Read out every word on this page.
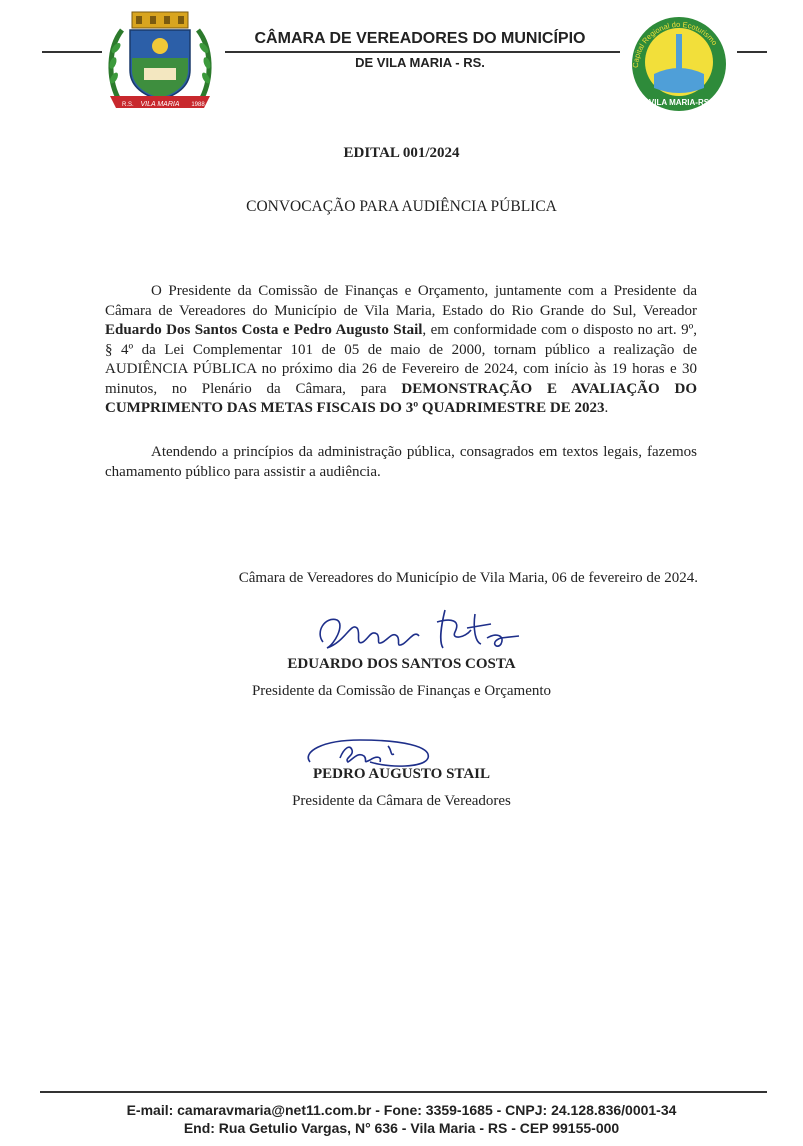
R.S. VILA MARIA 1988
CÂMARA DE VEREADORES DO MUNICÍPIO
DE VILA MARIA - RS.	Capital Regional do Ecoturismo
VILA MARIA-RS
EDITAL 001/2024
CONVOCAÇÃO PARA AUDIÊNCIA PÚBLICA
O Presidente da Comissão de Finanças e Orçamento, juntamente com a Presidente da Câmara de Vereadores do Município de Vila Maria, Estado do Rio Grande do Sul, Vereador Eduardo Dos Santos Costa e Pedro Augusto Stail, em conformidade com o disposto no art. 9º, § 4º da Lei Complementar 101 de 05 de maio de 2000, tornam público a realização de AUDIÊNCIA PÚBLICA no próximo dia 26 de Fevereiro de 2024, com início às 19 horas e 30 minutos, no Plenário da Câmara, para DEMONSTRAÇÃO E AVALIAÇÃO DO CUMPRIMENTO DAS METAS FISCAIS DO 3º QUADRIMESTRE DE 2023.
Atendendo a princípios da administração pública, consagrados em textos legais, fazemos chamamento público para assistir a audiência.
Câmara de Vereadores do Município de Vila Maria, 06 de fevereiro de 2024.
EDUARDO DOS SANTOS COSTA
Presidente da Comissão de Finanças e Orçamento
PEDRO AUGUSTO STAIL
Presidente da Câmara de Vereadores
E-mail: camaravmaria@net11.com.br - Fone: 3359-1685 - CNPJ: 24.128.836/0001-34
End: Rua Getulio Vargas, N° 636 - Vila Maria - RS - CEP 99155-000
